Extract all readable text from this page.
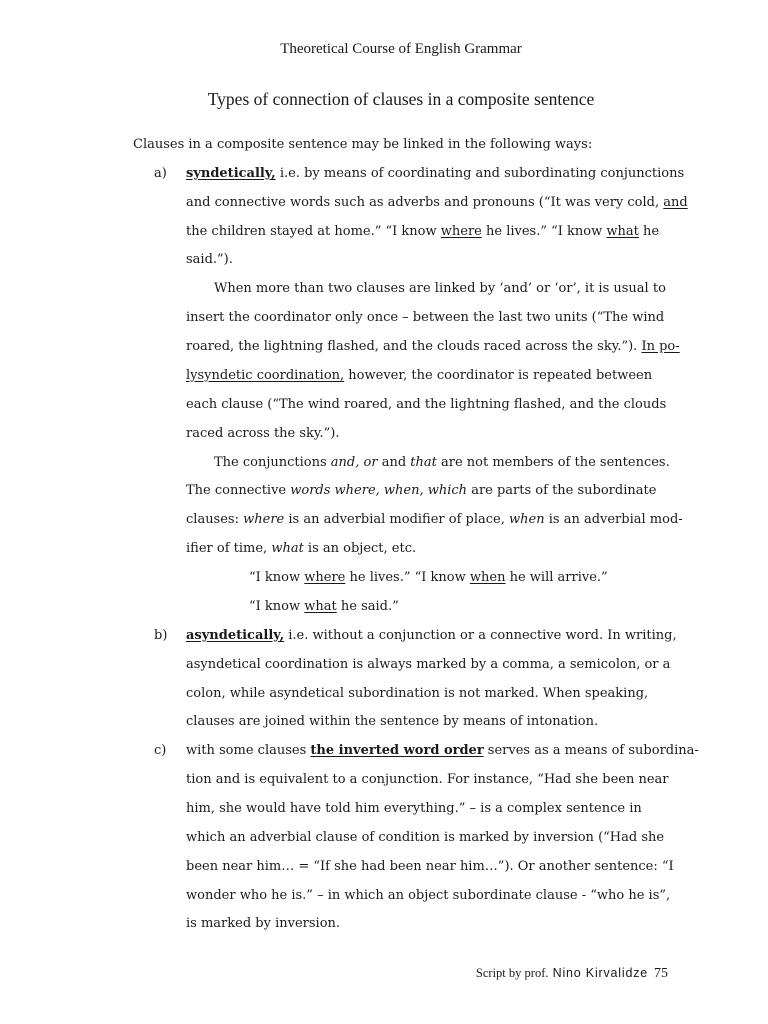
Theoretical Course of English Grammar
Types of connection of clauses in a composite sentence
Clauses in a composite sentence may be linked in the following ways:
a) syndetically, i.e. by means of coordinating and subordinating conjunctions
and connective words such as adverbs and pronouns (“It was very cold, and
the children stayed at home.” “I know where he lives.” “I know what he
said.”).
When more than two clauses are linked by ‘and’ or ‘or’, it is usual to
insert the coordinator only once – between the last two units (“The wind
roared, the lightning flashed, and the clouds raced across the sky.”). In po-
lysyndetic coordination, however, the coordinator is repeated between
each clause (“The wind roared, and the lightning flashed, and the clouds
raced across the sky.”).
The conjunctions and, or and that are not members of the sentences.
The connective words where, when, which are parts of the subordinate
clauses: where is an adverbial modifier of place, when is an adverbial mod-
ifier of time, what is an object, etc.
“I know where he lives.” “I know when he will arrive.”
“I know what he said.”
b) asyndetically, i.e. without a conjunction or a connective word. In writing,
asyndetical coordination is always marked by a comma, a semicolon, or a
colon, while asyndetical subordination is not marked. When speaking,
clauses are joined within the sentence by means of intonation.
c) with some clauses the inverted word order serves as a means of subordina-
tion and is equivalent to a conjunction. For instance, “Had she been near
him, she would have told him everything.” – is a complex sentence in
which an adverbial clause of condition is marked by inversion (“Had she
been near him… = “If she had been near him…”). Or another sentence: “I
wonder who he is.” – in which an object subordinate clause - “who he is”,
is marked by inversion.
Script by prof. Nino Kirvalidze 75
